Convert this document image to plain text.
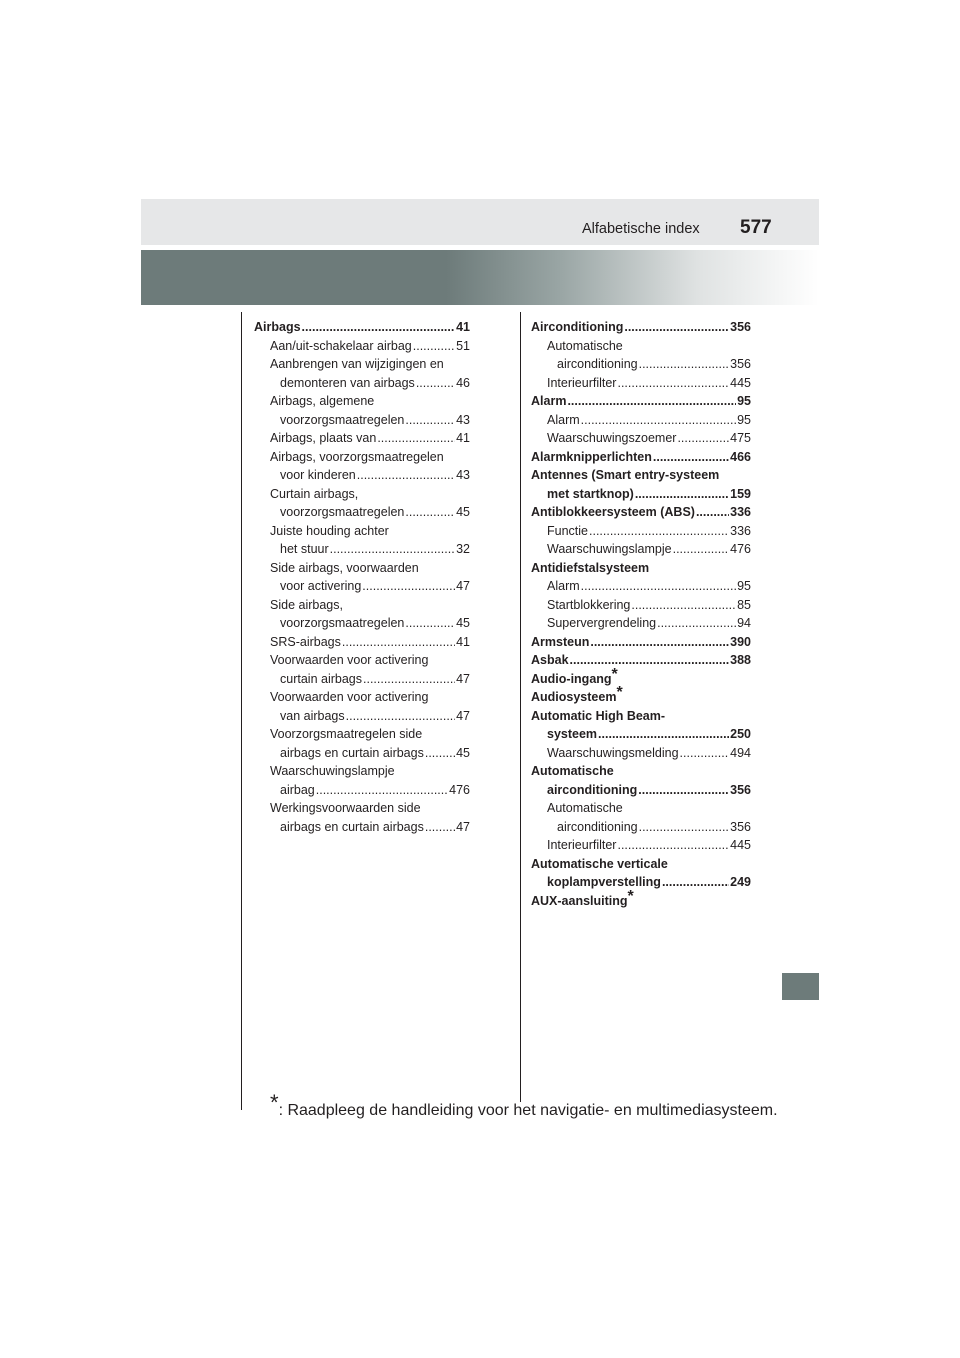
Alfabetische index 577
Airbags .....	41
Aan/uit-schakelaar airbag .....	51
Aanbrengen van wijzigingen en
demonteren van airbags .....	46
Airbags, algemene
voorzorgsmaatregelen .....	43
Airbags, plaats van .....	41
Airbags, voorzorgsmaatregelen
voor kinderen .....	43
Curtain airbags,
voorzorgsmaatregelen .....	45
Juiste houding achter
het stuur .....	32
Side airbags, voorwaarden
voor activering .....	47
Side airbags,
voorzorgsmaatregelen .....	45
SRS-airbags .....	41
Voorwaarden voor activering
curtain airbags .....	47
Voorwaarden voor activering
van airbags .....	47
Voorzorgsmaatregelen side
airbags en curtain airbags .....	45
Waarschuwingslampje
airbag .....	476
Werkingsvoorwaarden side
airbags en curtain airbags .....	47
Airconditioning .....	356
Automatische
airconditioning .....	356
Interieurfilter .....	445
Alarm .....	95
Alarm .....	95
Waarschuwingszoemer .....	475
Alarmknipperlichten .....	466
Antennes (Smart entry-systeem
met startknop) .....	159
Antiblokkeersysteem (ABS) .....	336
Functie .....	336
Waarschuwingslampje .....	476
Antidiefstalsysteem
Alarm .....	95
Startblokkering .....	85
Supervergrendeling .....	94
Armsteun .....	390
Asbak .....	388
Audio-ingang*
Audiosysteem*
Automatic High Beam-
systeem .....	250
Waarschuwingsmelding .....	494
Automatische
airconditioning .....	356
Automatische
airconditioning .....	356
Interieurfilter .....	445
Automatische verticale
koplampverstelling .....	249
AUX-aansluiting*
*: Raadpleeg de handleiding voor het navigatie- en multimediasysteem.
